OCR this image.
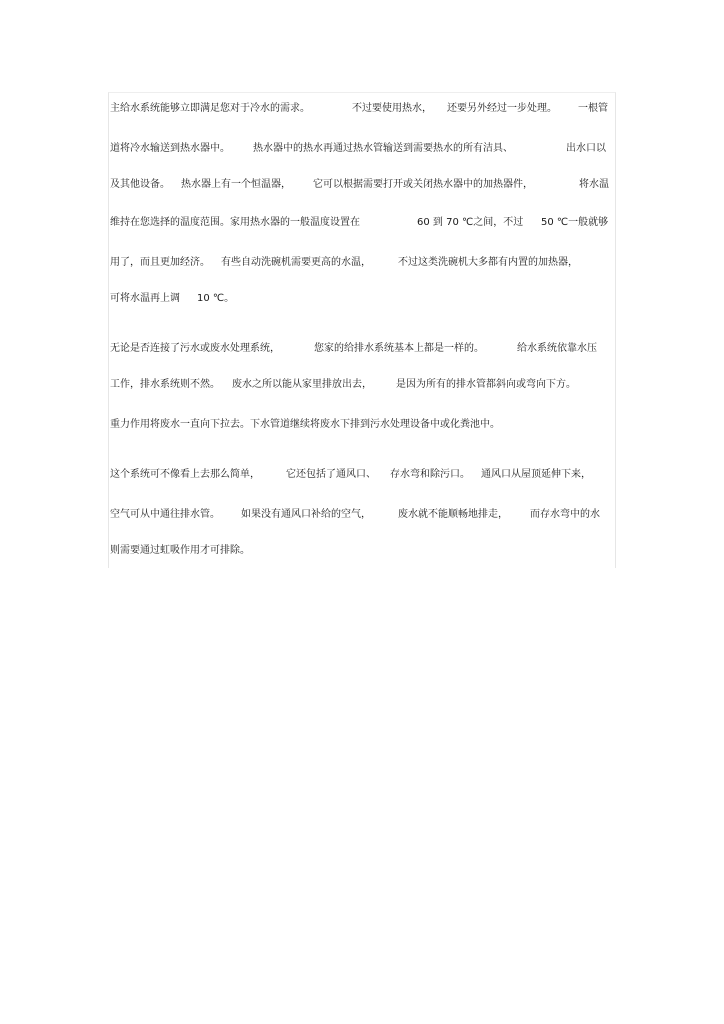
主给水系统能够立即满足您对于冷水的需求。	不过要使用热水， 还要另外经过一步处理。 一根管
道将冷水输送到热水器中。 热水器中的热水再通过热水管输送到需要热水的所有洁具、	出水口以
及其他设备。 热水器上有一个恒温器， 它可以根据需要打开或关闭热水器中的加热器件，	将水温
维持在您选择的温度范围。家用热水器的一般温度设置在	60 到 70 ℃之间，不过 50 ℃一般就够
用了，而且更加经济。 有些自动洗碗机需要更高的水温，	不过这类洗碗机大多都有内置的加热器，
可将水温再上调 10 ℃。
无论是否连接了污水或废水处理系统，	您家的给排水系统基本上都是一样的。	给水系统依靠水压
工作，排水系统则不然。 废水之所以能从家里排放出去， 是因为所有的排水管都斜向或弯向下方。
重力作用将废水一直向下拉去。下水管道继续将废水下排到污水处理设备中或化粪池中。
这个系统可不像看上去那么简单，	它还包括了通风口、 存水弯和除污口。 通风口从屋顶延伸下来，
空气可从中通往排水管。 如果没有通风口补给的空气，	废水就不能顺畅地排走， 而存水弯中的水
则需要通过虹吸作用才可排除。
